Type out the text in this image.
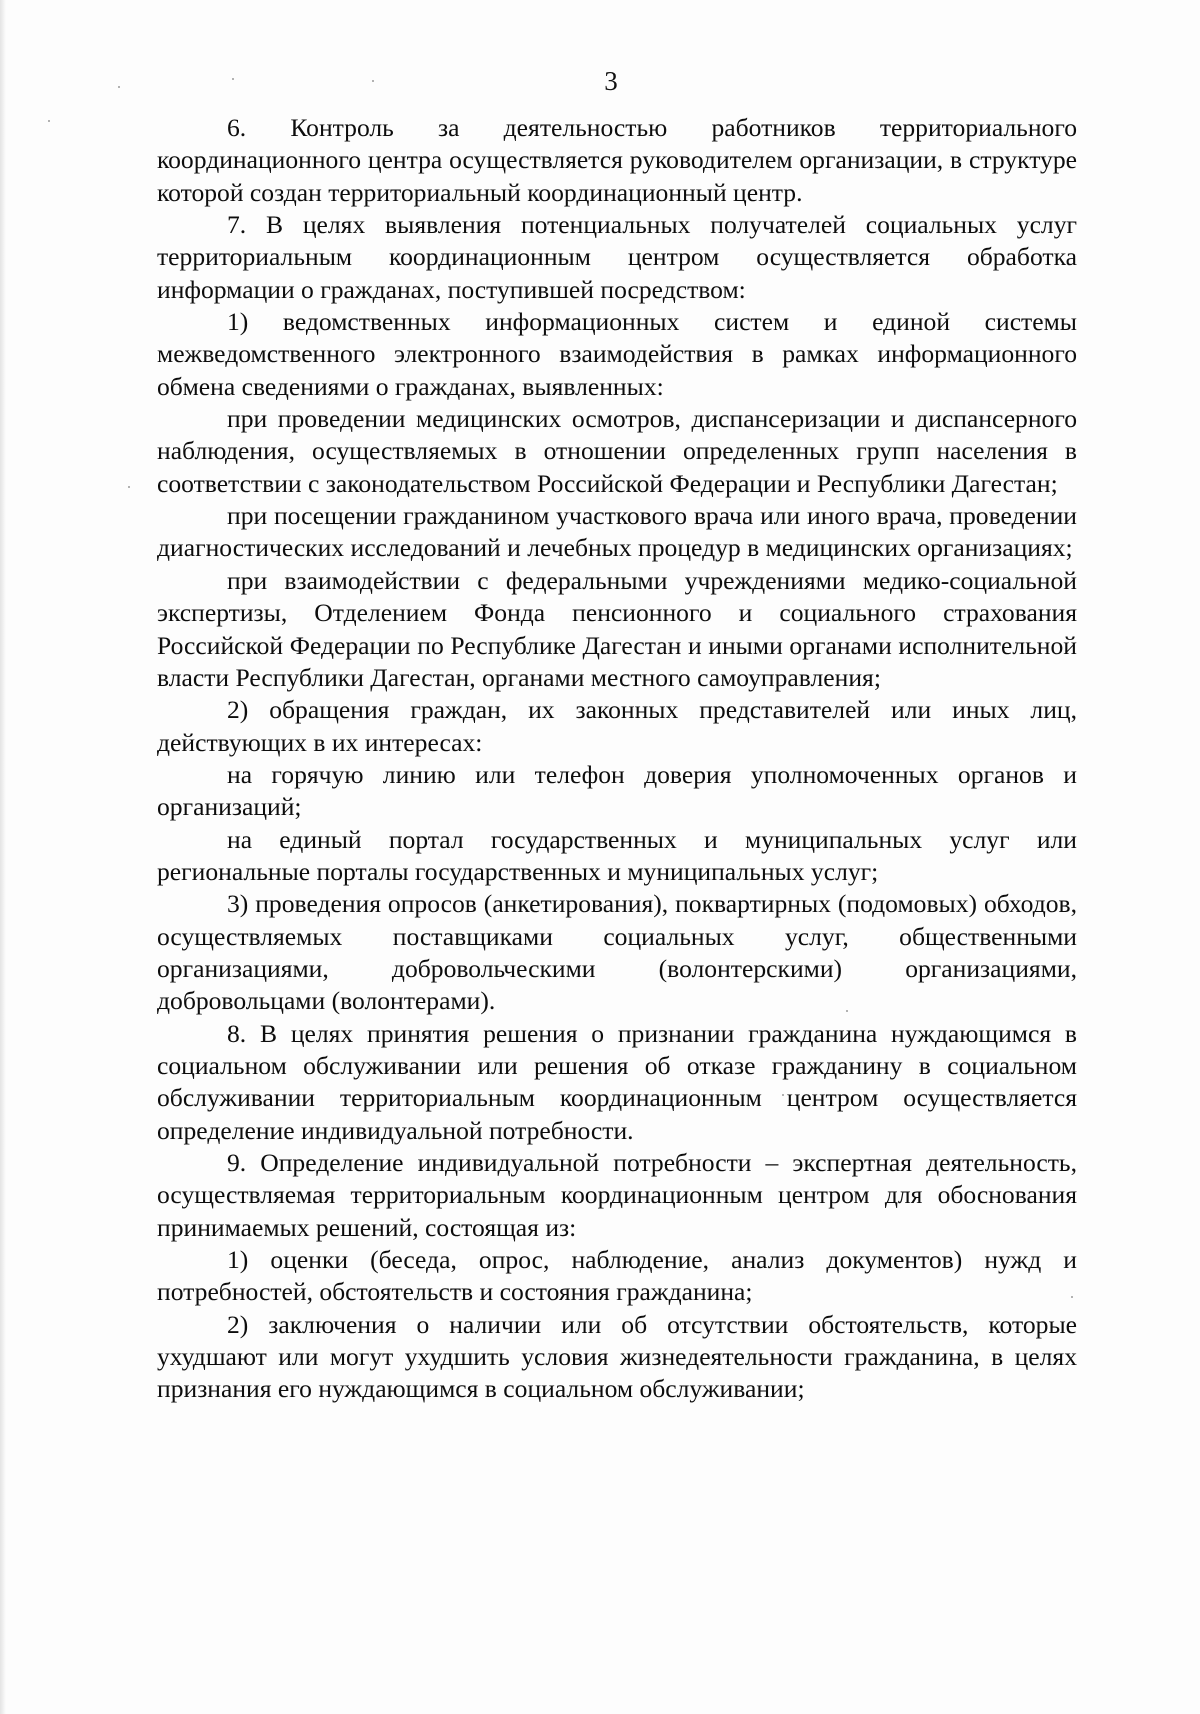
3

6. Контроль за деятельностью работников территориального координационного центра осуществляется руководителем организации, в структуре которой создан территориальный координационный центр.

7. В целях выявления потенциальных получателей социальных услуг территориальным координационным центром осуществляется обработка информации о гражданах, поступившей посредством:

1) ведомственных информационных систем и единой системы межведомственного электронного взаимодействия в рамках информационного обмена сведениями о гражданах, выявленных:

при проведении медицинских осмотров, диспансеризации и диспансерного наблюдения, осуществляемых в отношении определенных групп населения в соответствии с законодательством Российской Федерации и Республики Дагестан;

при посещении гражданином участкового врача или иного врача, проведении диагностических исследований и лечебных процедур в медицинских организациях;

при взаимодействии с федеральными учреждениями медико-социальной экспертизы, Отделением Фонда пенсионного и социального страхования Российской Федерации по Республике Дагестан и иными органами исполнительной власти Республики Дагестан, органами местного самоуправления;

2) обращения граждан, их законных представителей или иных лиц, действующих в их интересах:

на горячую линию или телефон доверия уполномоченных органов и организаций;

на единый портал государственных и муниципальных услуг или региональные порталы государственных и муниципальных услуг;

3) проведения опросов (анкетирования), поквартирных (подомовых) обходов, осуществляемых поставщиками социальных услуг, общественными организациями, добровольческими (волонтерскими) организациями, добровольцами (волонтерами).

8. В целях принятия решения о признании гражданина нуждающимся в социальном обслуживании или решения об отказе гражданину в социальном обслуживании территориальным координационным центром осуществляется определение индивидуальной потребности.

9. Определение индивидуальной потребности – экспертная деятельность, осуществляемая территориальным координационным центром для обоснования принимаемых решений, состоящая из:

1) оценки (беседа, опрос, наблюдение, анализ документов) нужд и потребностей, обстоятельств и состояния гражданина;

2) заключения о наличии или об отсутствии обстоятельств, которые ухудшают или могут ухудшить условия жизнедеятельности гражданина, в целях признания его нуждающимся в социальном обслуживании;
